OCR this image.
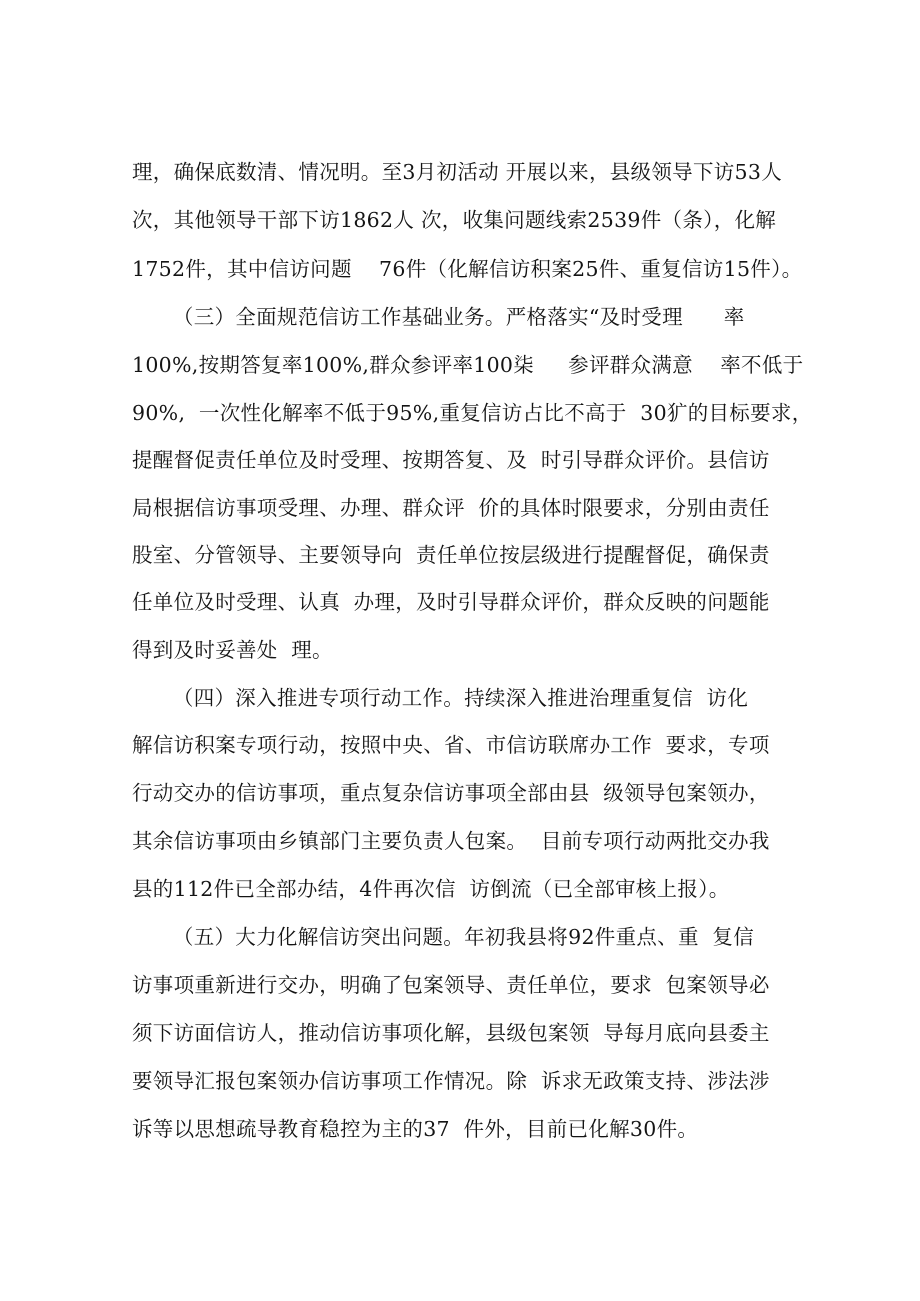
理，确保底数清、情况明。至3月初活动 开展以来，县级领导下访53人
次，其他领导干部下访1862人 次，收集问题线索2539件（条），化解
1752件，其中信访问题    76件（化解信访积案25件、重复信访15件）。
（三）全面规范信访工作基础业务。严格落实“及时受理      率
100%,按期答复率100%,群众参评率100柒     参评群众满意    率不低于
90%,  一次性化解率不低于95%,重复信访占比不高于  30犷的目标要求，
提醒督促责任单位及时受理、按期答复、及  时引导群众评价。县信访
局根据信访事项受理、办理、群众评  价的具体时限要求，分别由责任
股室、分管领导、主要领导向  责任单位按层级进行提醒督促，确保责
任单位及时受理、认真  办理，及时引导群众评价，群众反映的问题能
得到及时妥善处  理。
（四）深入推进专项行动工作。持续深入推进治理重复信  访化
解信访积案专项行动，按照中央、省、市信访联席办工作  要求，专项
行动交办的信访事项，重点复杂信访事项全部由县  级领导包案领办，
其余信访事项由乡镇部门主要负责人包案。  目前专项行动两批交办我
县的112件已全部办结，4件再次信  访倒流（已全部审核上报）。
（五）大力化解信访突出问题。年初我县将92件重点、重  复信
访事项重新进行交办，明确了包案领导、责任单位，要求  包案领导必
须下访面信访人，推动信访事项化解，县级包案领  导每月底向县委主
要领导汇报包案领办信访事项工作情况。除  诉求无政策支持、涉法涉
诉等以思想疏导教育稳控为主的37  件外，目前已化解30件。
